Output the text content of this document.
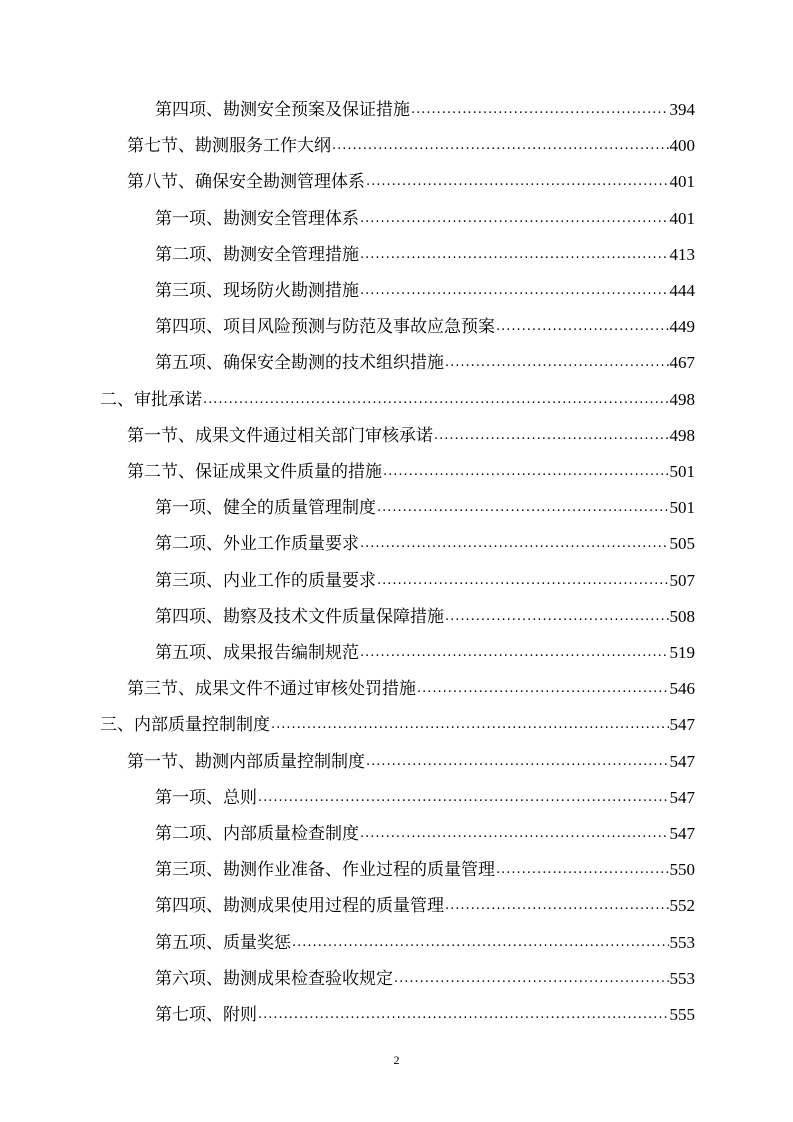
第四项、勘测安全预案及保证措施 .....	394
第七节、勘测服务工作大纲 .....	400
第八节、确保安全勘测管理体系 .....	401
第一项、勘测安全管理体系 .....	401
第二项、勘测安全管理措施 .....	413
第三项、现场防火勘测措施 .....	444
第四项、项目风险预测与防范及事故应急预案 .....	449
第五项、确保安全勘测的技术组织措施 .....	467
二、审批承诺 .....	498
第一节、成果文件通过相关部门审核承诺 .....	498
第二节、保证成果文件质量的措施 .....	501
第一项、健全的质量管理制度 .....	501
第二项、外业工作质量要求 .....	505
第三项、内业工作的质量要求 .....	507
第四项、勘察及技术文件质量保障措施 .....	508
第五项、成果报告编制规范 .....	519
第三节、成果文件不通过审核处罚措施 .....	546
三、内部质量控制制度 .....	547
第一节、勘测内部质量控制制度 .....	547
第一项、总则 .....	547
第二项、内部质量检查制度 .....	547
第三项、勘测作业准备、作业过程的质量管理 .....	550
第四项、勘测成果使用过程的质量管理 .....	552
第五项、质量奖惩 .....	553
第六项、勘测成果检查验收规定 .....	553
第七项、附则 .....	555
2
